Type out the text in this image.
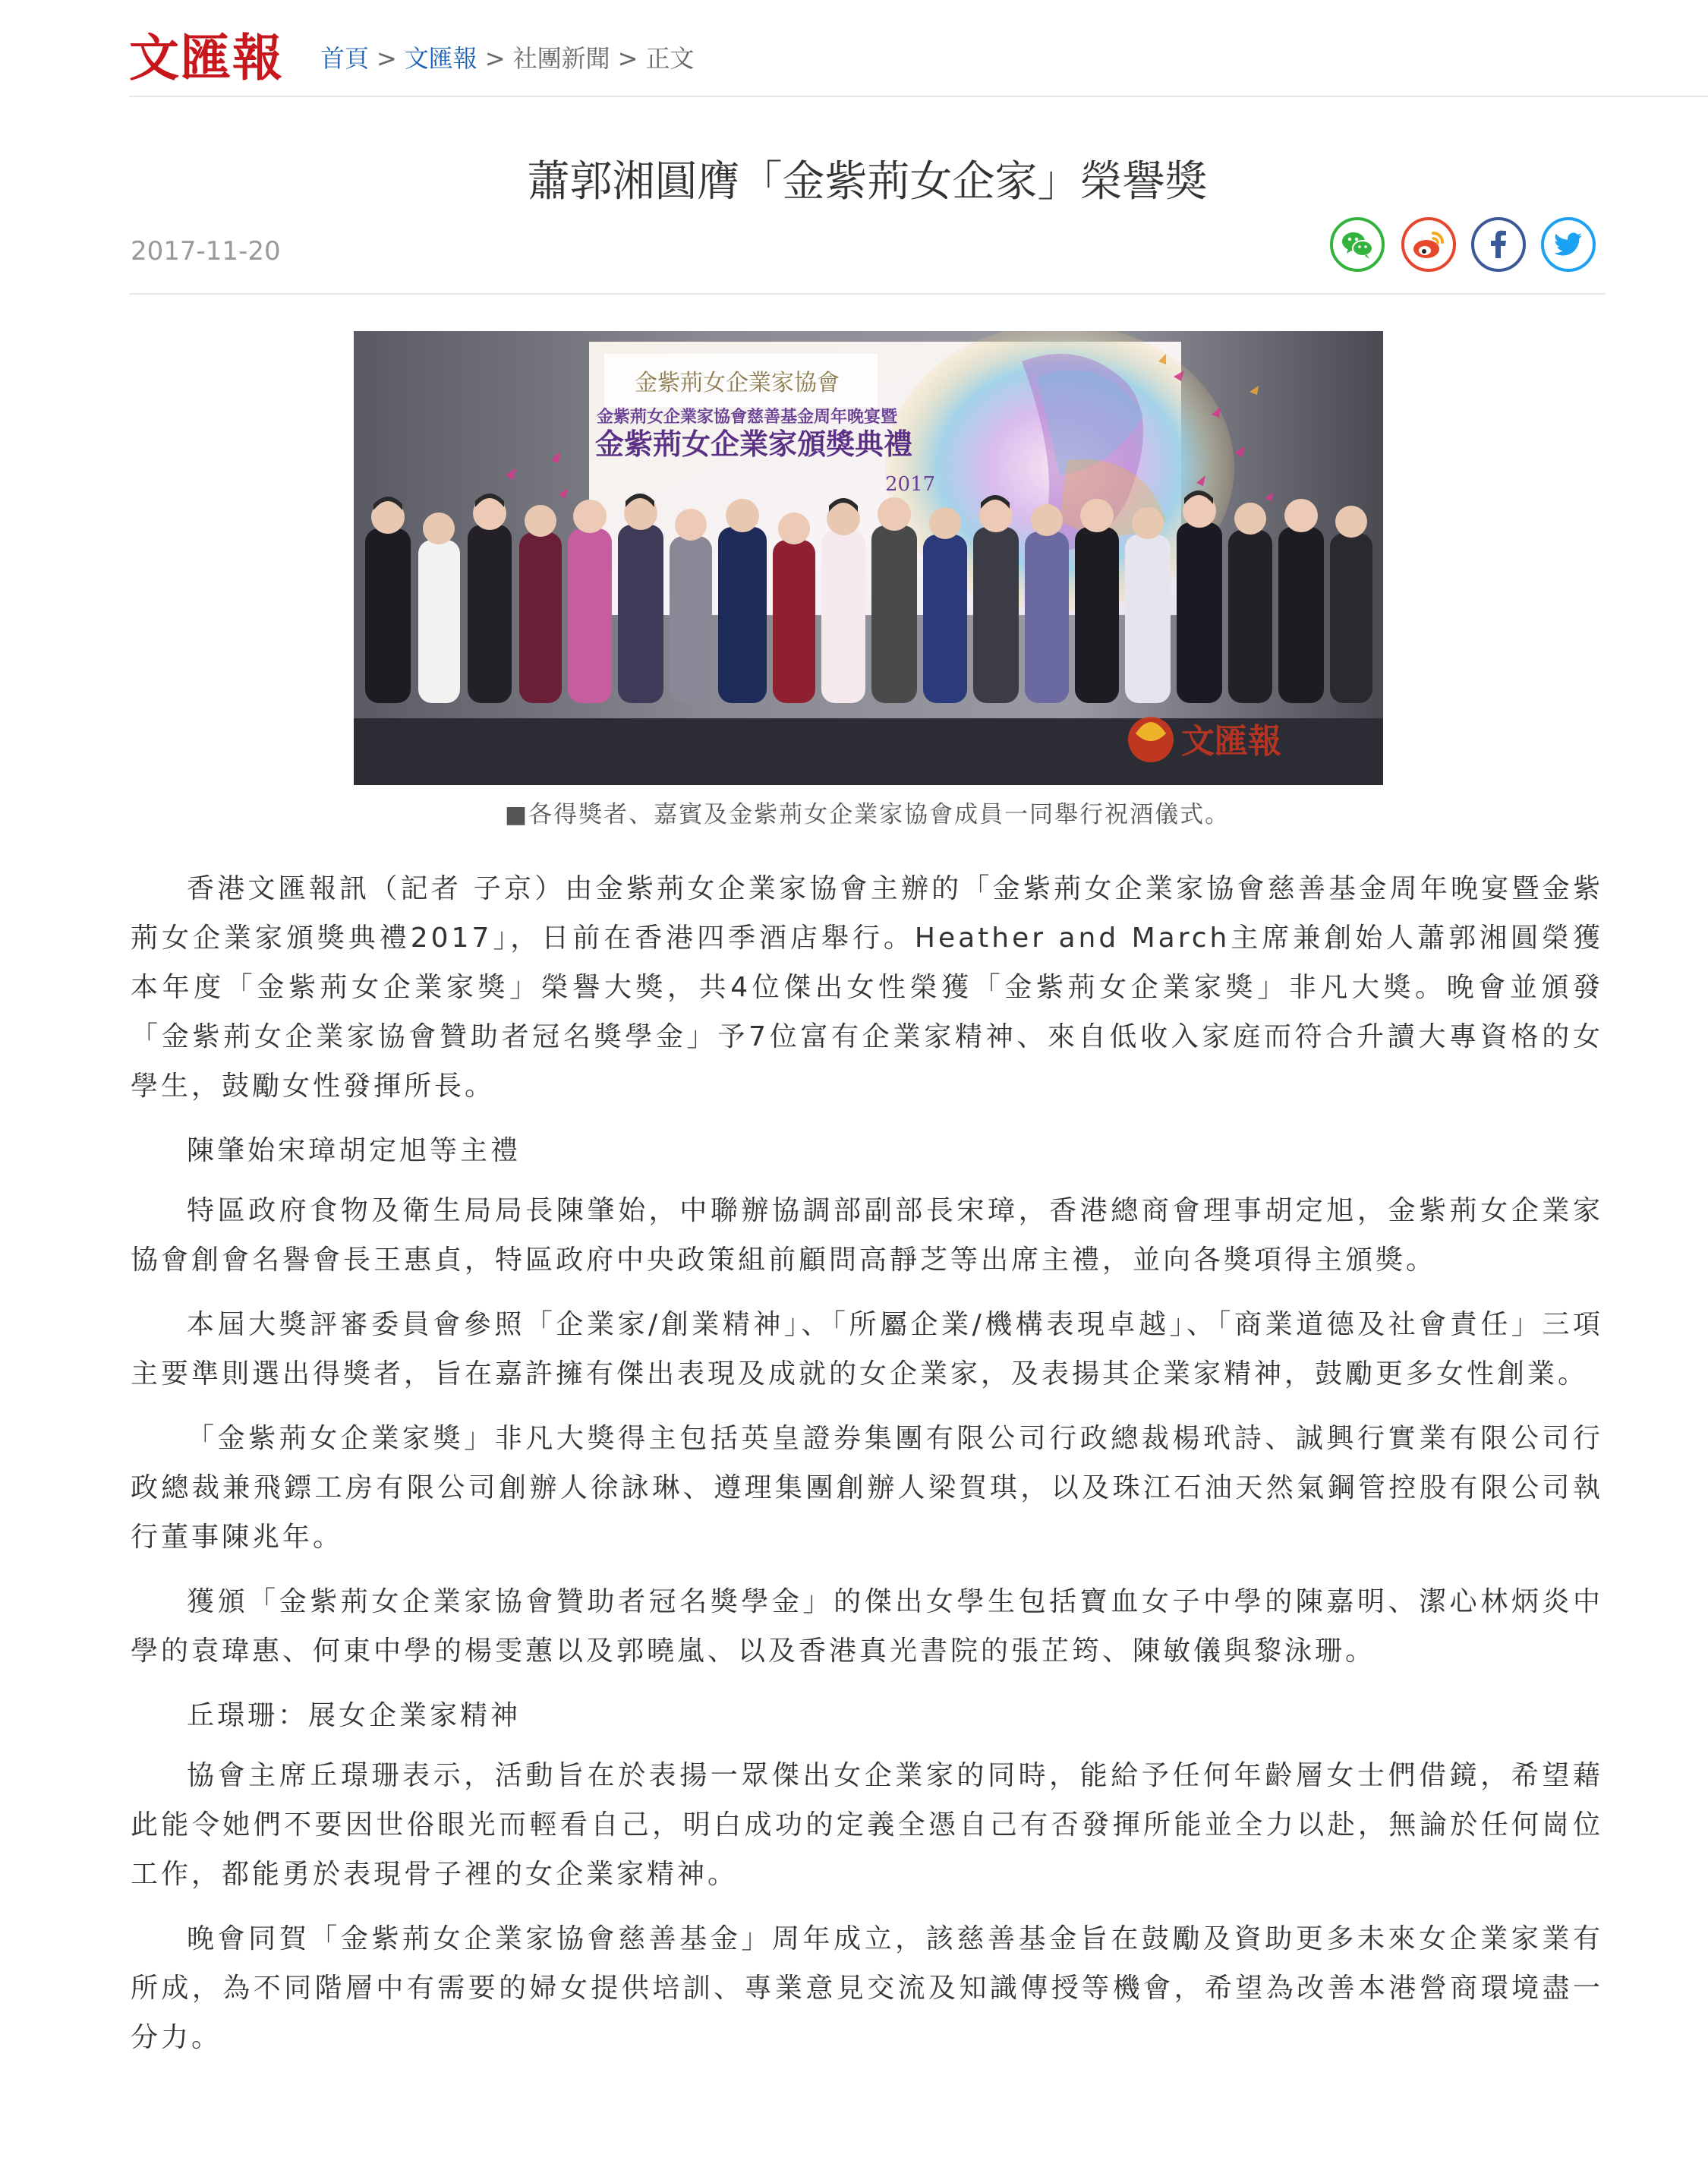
文匯報 首頁 > 文匯報 > 社團新聞 > 正文
蕭郭湘圓膺「金紫荊女企家」榮譽獎
2017-11-20
金紫荊女企業家協會
金紫荊女企業家協會慈善基金周年晚宴暨
金紫荊女企業家頒獎典禮
2017
文匯報
■各得獎者、嘉賓及金紫荊女企業家協會成員一同舉行祝酒儀式。

香港文匯報訊（記者 子京）由金紫荊女企業家協會主辦的「金紫荊女企業家協會慈善基金周年晚宴暨金紫荊女企業家頒獎典禮2017」，日前在香港四季酒店舉行。Heather and March主席兼創始人蕭郭湘圓榮獲本年度「金紫荊女企業家獎」榮譽大獎，共4位傑出女性榮獲「金紫荊女企業家獎」非凡大獎。晚會並頒發「金紫荊女企業家協會贊助者冠名獎學金」予7位富有企業家精神、來自低收入家庭而符合升讀大專資格的女學生，鼓勵女性發揮所長。

陳肇始宋璋胡定旭等主禮

特區政府食物及衛生局局長陳肇始，中聯辦協調部副部長宋璋，香港總商會理事胡定旭，金紫荊女企業家協會創會名譽會長王惠貞，特區政府中央政策組前顧問高靜芝等出席主禮，並向各獎項得主頒獎。

本屆大獎評審委員會參照「企業家/創業精神」、「所屬企業/機構表現卓越」、「商業道德及社會責任」三項主要準則選出得獎者，旨在嘉許擁有傑出表現及成就的女企業家，及表揚其企業家精神，鼓勵更多女性創業。

「金紫荊女企業家獎」非凡大獎得主包括英皇證券集團有限公司行政總裁楊玳詩、誠興行實業有限公司行政總裁兼飛鏢工房有限公司創辦人徐詠琳、遵理集團創辦人梁賀琪，以及珠江石油天然氣鋼管控股有限公司執行董事陳兆年。

獲頒「金紫荊女企業家協會贊助者冠名獎學金」的傑出女學生包括寶血女子中學的陳嘉明、潔心林炳炎中學的袁瑋惠、何東中學的楊雯蕙以及郭曉嵐、以及香港真光書院的張芷筠、陳敏儀與黎泳珊。

丘璟珊：展女企業家精神

協會主席丘璟珊表示，活動旨在於表揚一眾傑出女企業家的同時，能給予任何年齡層女士們借鏡，希望藉此能令她們不要因世俗眼光而輕看自己，明白成功的定義全憑自己有否發揮所能並全力以赴，無論於任何崗位工作，都能勇於表現骨子裡的女企業家精神。

晚會同賀「金紫荊女企業家協會慈善基金」周年成立，該慈善基金旨在鼓勵及資助更多未來女企業家業有所成，為不同階層中有需要的婦女提供培訓、專業意見交流及知識傳授等機會，希望為改善本港營商環境盡一分力。
